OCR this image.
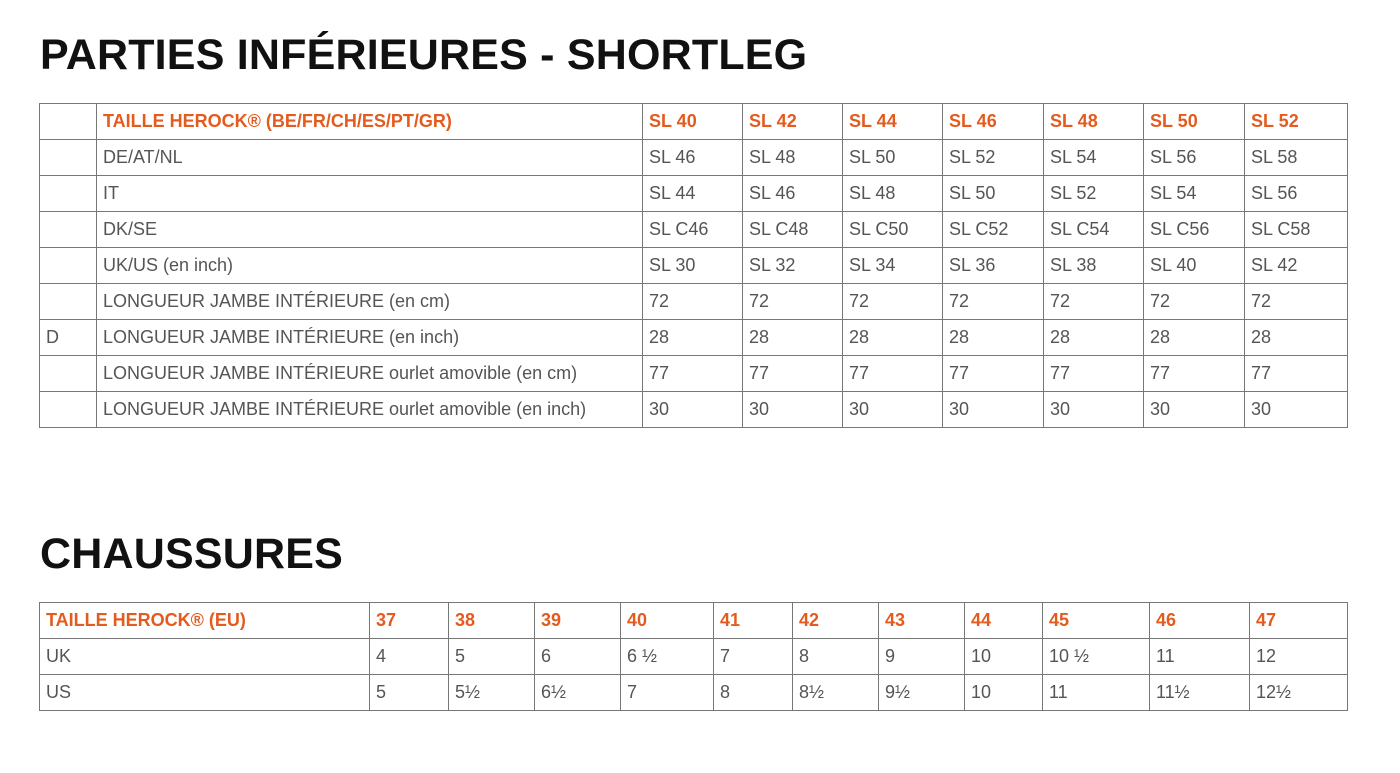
PARTIES INFÉRIEURES - SHORTLEG
	TAILLE HEROCK® (BE/FR/CH/ES/PT/GR)	SL 40	SL 42	SL 44	SL 46	SL 48	SL 50	SL 52
	DE/AT/NL	SL 46	SL 48	SL 50	SL 52	SL 54	SL 56	SL 58
	IT	SL 44	SL 46	SL 48	SL 50	SL 52	SL 54	SL 56
	DK/SE	SL C46	SL C48	SL C50	SL C52	SL C54	SL C56	SL C58
	UK/US (en inch)	SL 30	SL 32	SL 34	SL 36	SL 38	SL 40	SL 42
	LONGUEUR JAMBE INTÉRIEURE (en cm)	72	72	72	72	72	72	72
D	LONGUEUR JAMBE INTÉRIEURE (en inch)	28	28	28	28	28	28	28
	LONGUEUR JAMBE INTÉRIEURE ourlet amovible (en cm)	77	77	77	77	77	77	77
	LONGUEUR JAMBE INTÉRIEURE ourlet amovible (en inch)	30	30	30	30	30	30	30
CHAUSSURES
TAILLE HEROCK® (EU)	37	38	39	40	41	42	43	44	45	46	47
UK	4	5	6	6 ½	7	8	9	10	10 ½	11	12
US	5	5½	6½	7	8	8½	9½	10	11	11½	12½
